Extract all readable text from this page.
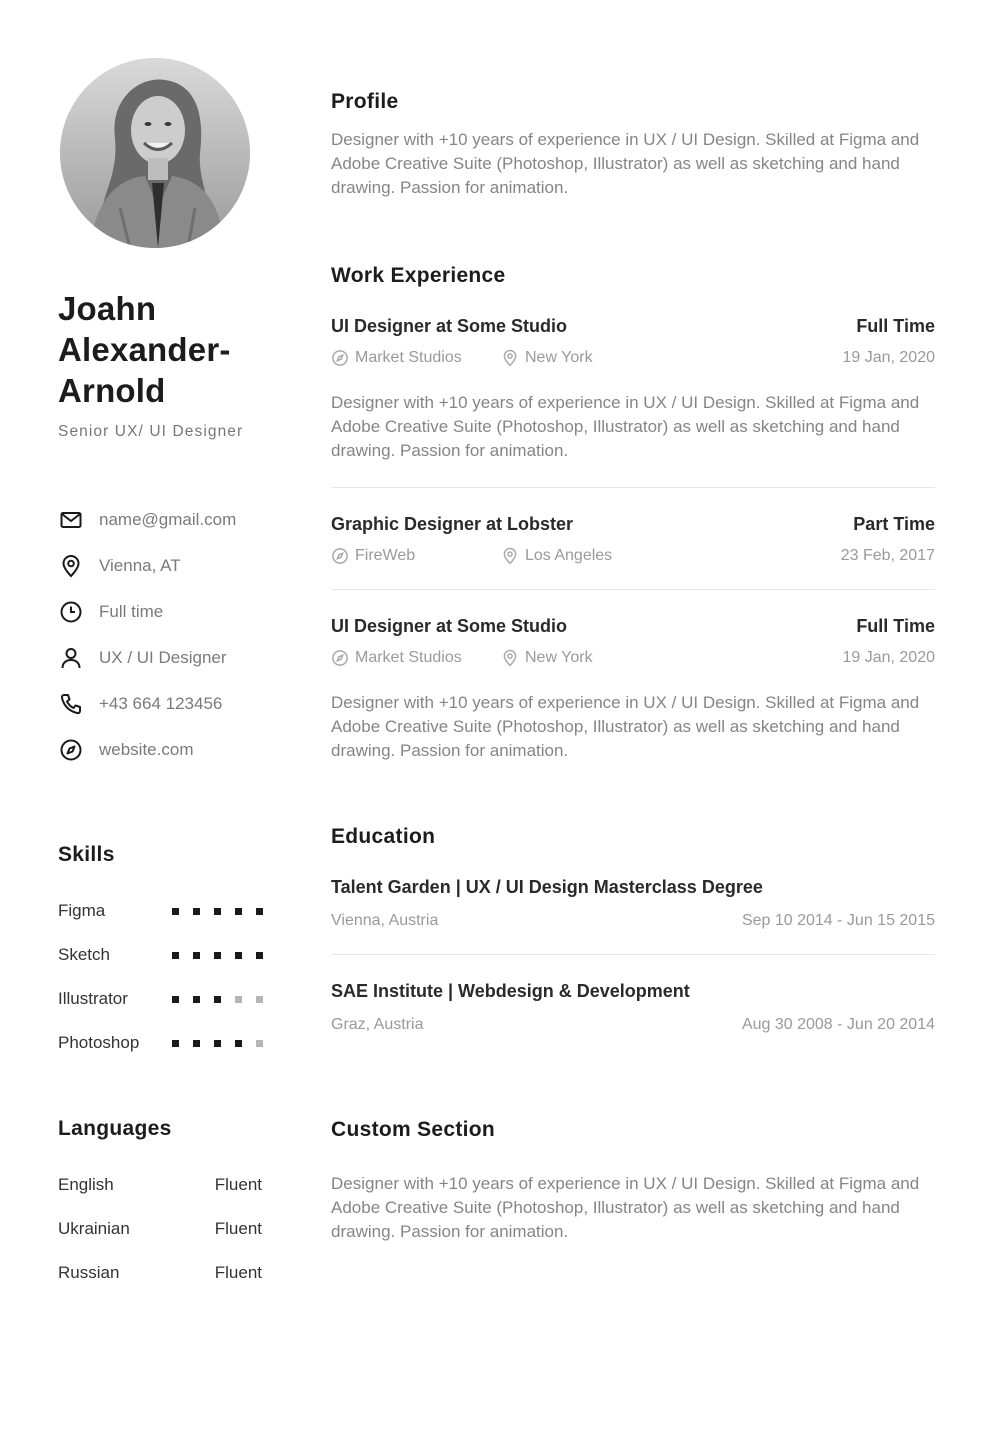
Joahn
Alexander-
Arnold
Senior UX/ UI Designer
name@gmail.com
Vienna, AT
Full time
UX / UI Designer
+43 664 123456
website.com
Skills
Figma
Sketch
Illustrator
Photoshop
Languages
English	Fluent
Ukrainian	Fluent
Russian	Fluent
Profile
Designer with +10 years of experience in UX / UI Design. Skilled at Figma and Adobe Creative Suite (Photoshop, Illustrator) as well as sketching and hand drawing. Passion for animation.
Work Experience
UI Designer at Some Studio	Full Time
Market Studios	New York	19 Jan, 2020
Designer with +10 years of experience in UX / UI Design. Skilled at Figma and Adobe Creative Suite (Photoshop, Illustrator) as well as sketching and hand drawing. Passion for animation.
Graphic Designer at Lobster	Part Time
FireWeb	Los Angeles	23 Feb, 2017
UI Designer at Some Studio	Full Time
Market Studios	New York	19 Jan, 2020
Designer with +10 years of experience in UX / UI Design. Skilled at Figma and Adobe Creative Suite (Photoshop, Illustrator) as well as sketching and hand drawing. Passion for animation.
Education
Talent Garden | UX / UI Design Masterclass Degree
Vienna, Austria	Sep 10 2014 - Jun 15 2015
SAE Institute | Webdesign & Development
Graz, Austria	Aug 30 2008 - Jun 20 2014
Custom Section
Designer with +10 years of experience in UX / UI Design. Skilled at Figma and Adobe Creative Suite (Photoshop, Illustrator) as well as sketching and hand drawing. Passion for animation.
